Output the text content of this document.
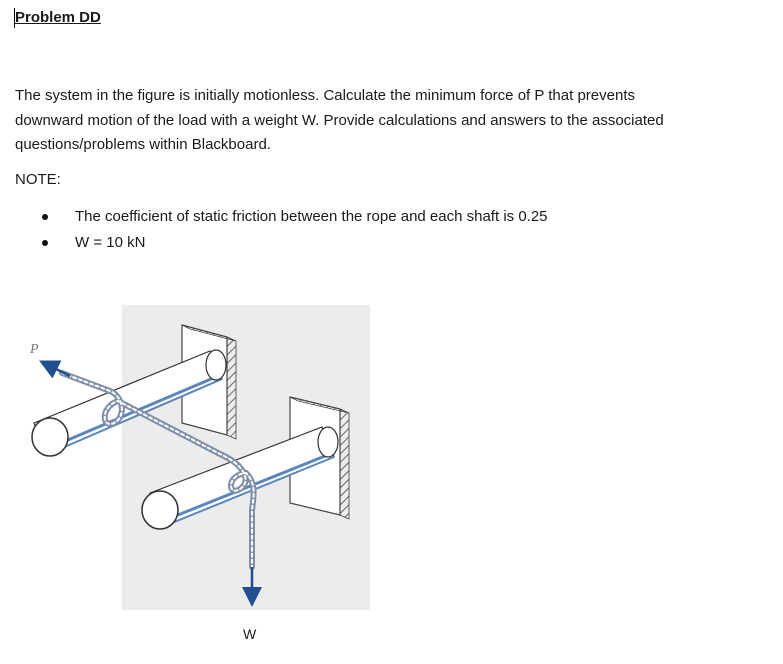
Problem DD
The system in the figure is initially motionless. Calculate the minimum force of P that prevents
downward motion of the load with a weight W. Provide calculations and answers to the associated
questions/problems within Blackboard.
NOTE:
The coefficient of static friction between the rope and each shaft is 0.25
W = 10 kN
P
W
